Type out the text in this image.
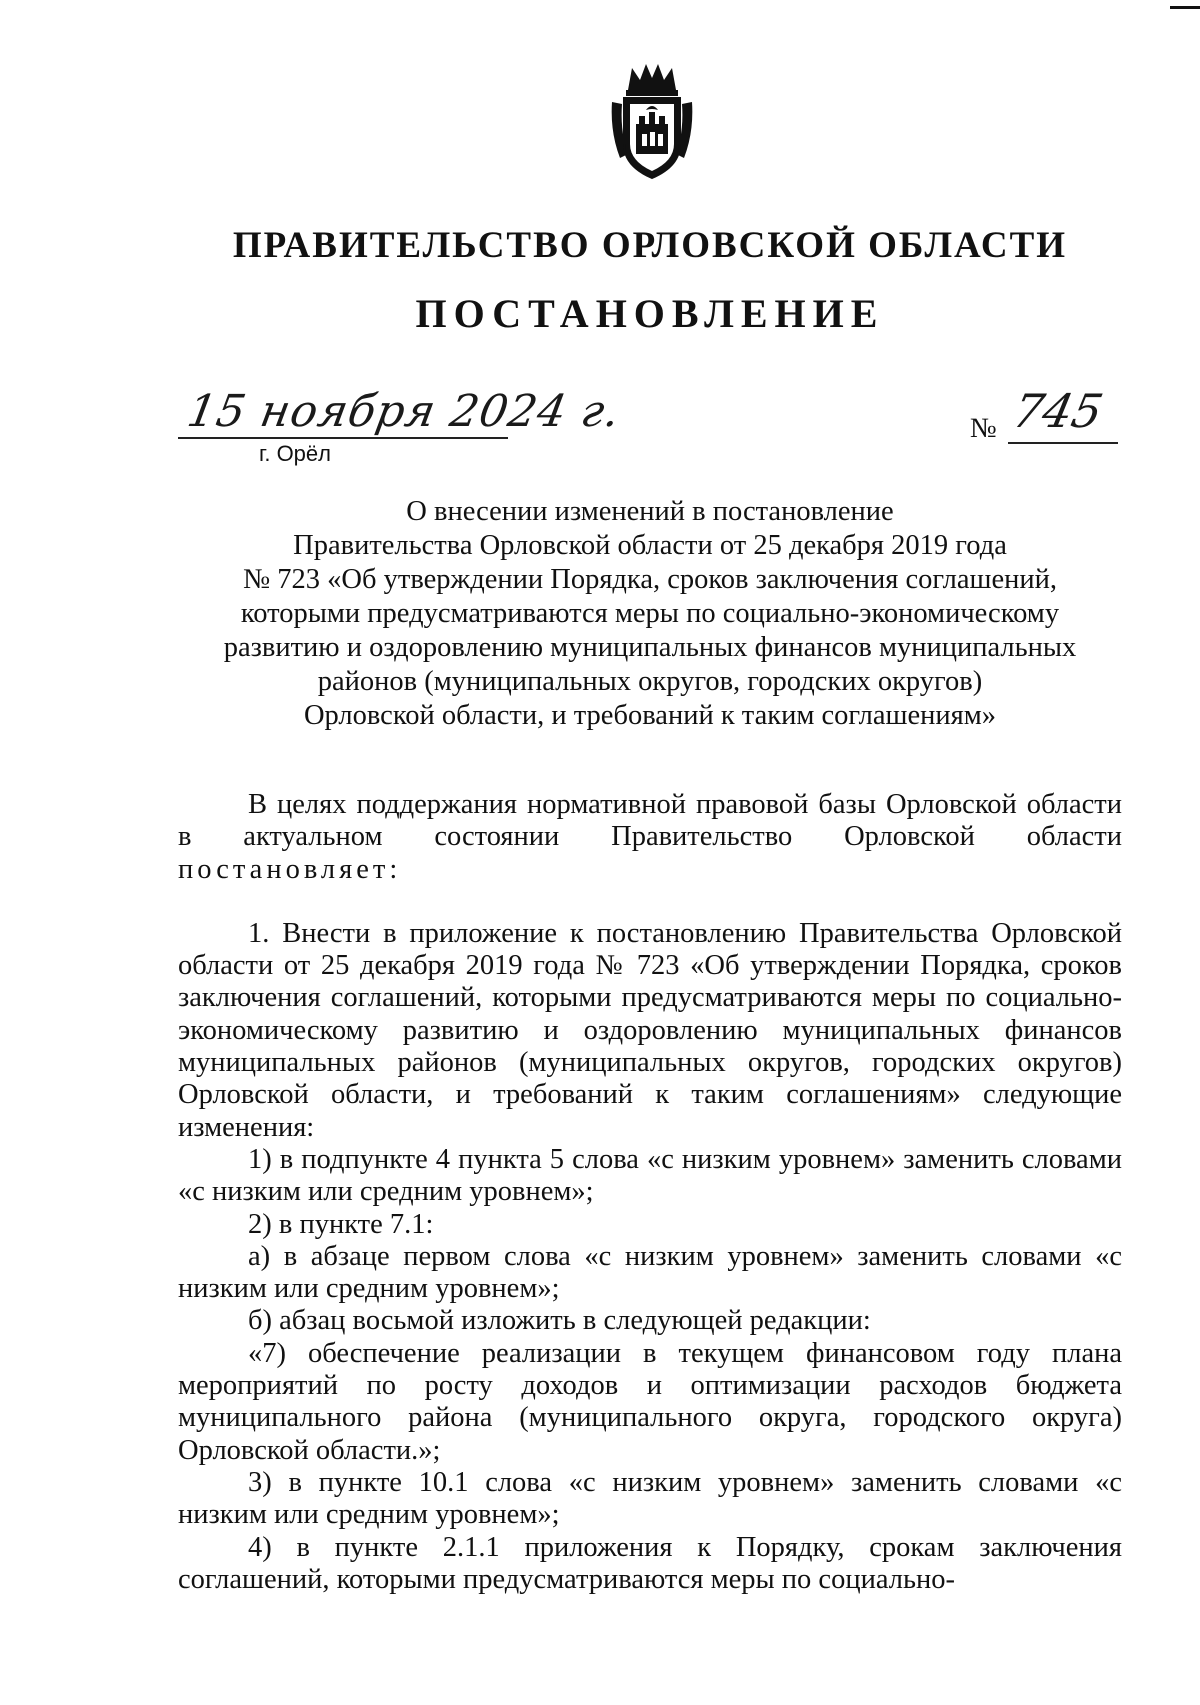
ПРАВИТЕЛЬСТВО ОРЛОВСКОЙ ОБЛАСТИ
ПОСТАНОВЛЕНИЕ
15 ноября 2024 г.
г. Орёл
№ 745
О внесении изменений в постановление
Правительства Орловской области от 25 декабря 2019 года
№ 723 «Об утверждении Порядка, сроков заключения соглашений,
которыми предусматриваются меры по социально-экономическому
развитию и оздоровлению муниципальных финансов муниципальных
районов (муниципальных округов, городских округов)
Орловской области, и требований к таким соглашениям»

В целях поддержания нормативной правовой базы Орловской области в актуальном состоянии Правительство Орловской области постановляет:

1. Внести в приложение к постановлению Правительства Орловской области от 25 декабря 2019 года № 723 «Об утверждении Порядка, сроков заключения соглашений, которыми предусматриваются меры по социально-экономическому развитию и оздоровлению муниципальных финансов муниципальных районов (муниципальных округов, городских округов) Орловской области, и требований к таким соглашениям» следующие изменения:

1) в подпункте 4 пункта 5 слова «с низким уровнем» заменить словами «с низким или средним уровнем»;

2) в пункте 7.1:

а) в абзаце первом слова «с низким уровнем» заменить словами «с низким или средним уровнем»;

б) абзац восьмой изложить в следующей редакции:

«7) обеспечение реализации в текущем финансовом году плана мероприятий по росту доходов и оптимизации расходов бюджета муниципального района (муниципального округа, городского округа) Орловской области.»;

3) в пункте 10.1 слова «с низким уровнем» заменить словами «с низким или средним уровнем»;

4) в пункте 2.1.1 приложения к Порядку, срокам заключения соглашений, которыми предусматриваются меры по социально-
